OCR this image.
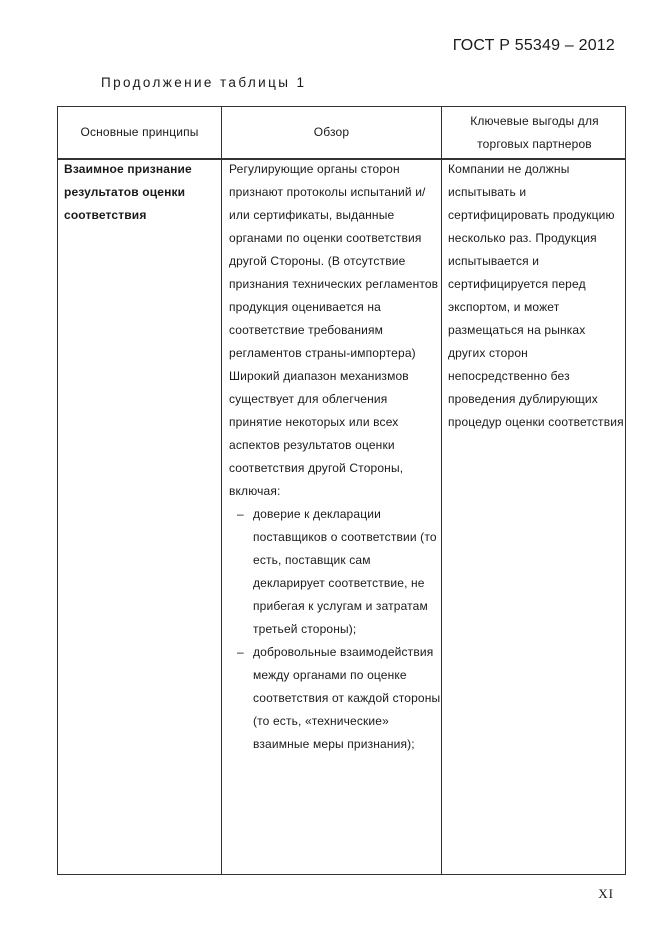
ГОСТ Р 55349 – 2012
Продолжение таблицы 1
Основные принципы	Обзор
Ключевые выгоды для торговых партнеров
Взаимное признание результатов оценки соответствия
Регулирующие органы сторон признают протоколы испытаний и/или сертификаты, выданные органами по оценки соответствия другой Стороны. (В отсутствие признания технических регламентов продукция оценивается на соответствие требованиям регламентов страны-импортера) Широкий диапазон механизмов существует для облегчения принятие некоторых или всех аспектов результатов оценки соответствия другой Стороны, включая:
– доверие к декларации поставщиков о соответствии (то есть, поставщик сам декларирует соответствие, не прибегая к услугам и затратам третьей стороны);
– добровольные взаимодействия между органами по оценке соответствия от каждой стороны (то есть, «технические» взаимные меры признания);
Компании не должны испытывать и сертифицировать продукцию несколько раз. Продукция испытывается и сертифицируется перед экспортом, и может размещаться на рынках других сторон непосредственно без проведения дублирующих процедур оценки соответствия
XI
